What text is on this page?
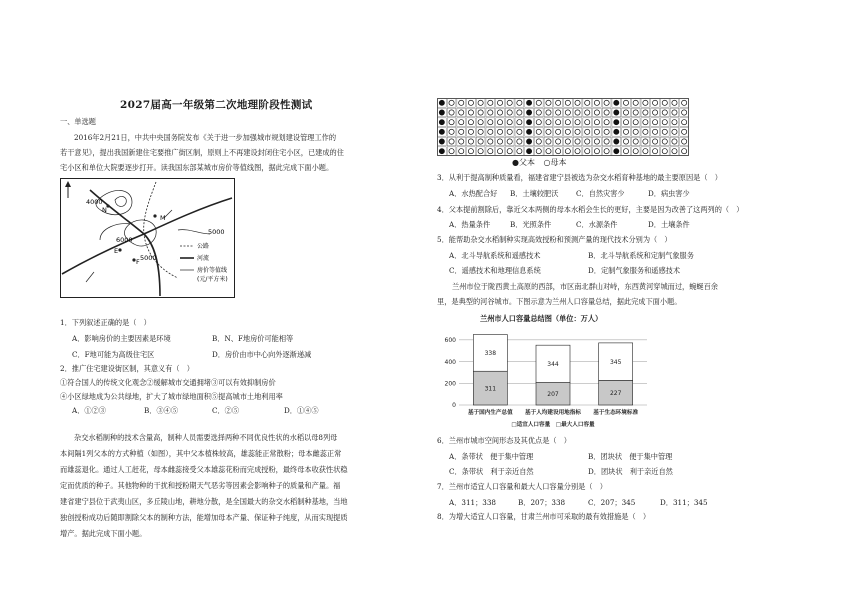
2027届高一年级第二次地理阶段性测试
一、单选题
2016年2月21日，中共中央国务院发布《关于进一步加强城市规划建设管理工作的
若干意见》，提出我国新建住宅要推广街区制，原则上不再建设封闭住宅小区，已建成的住
宅小区和单位大院要逐步打开。读我国东部某城市房价等值线图，据此完成下面小题。
4000
N
6000
M
E
F
5000
5000
公路
河流
房价等值线
(元/平方米)
1．下列叙述正确的是（　）
A．影响房价的主要因素是环境	B．N、F地房价可能相等
C．F地可能为高级住宅区	D．房价由市中心向外逐渐递减
2．推广住宅建设街区制，其意义有（　）
①符合国人的传统文化观念②缓解城市交通拥堵③可以有效抑制房价
④小区绿地成为公共绿地，扩大了城市绿地面积⑤提高城市土地利用率
A．①②③	B．③④⑤	C．②⑤	D．①④⑤
杂交水稻制种的技术含量高，制种人员需要选择两种不同优良性状的水稻以母8列母
本间隔1列父本的方式种植（如图），其中父本植株较高，雄蕊能正常散粉；母本雌蕊正常
而雄蕊退化。通过人工赶花，母本雌蕊接受父本雄蕊花粉而完成授粉，最终母本收获性状稳
定而优质的种子。其他物种的干扰和授粉期天气恶劣等因素会影响种子的质量和产量。福
建省建宁县位于武夷山区，多丘陵山地，耕地分散，是全国最大的杂交水稻制种基地，当地
独创授粉成功后随即割除父本的制种方法，能增加母本产量、保证种子纯度，从而实现提质
增产。据此完成下面小题。
●父本 ○母本
3．从利于提高制种质量看，福建省建宁县被选为杂交水稻育种基地的最主要原因是（　）
A．水热配合好 B．土壤较肥沃 C．自然灾害少	D．病虫害少
4．父本提前割除后，靠近父本两侧的母本水稻会生长的更好，主要是因为改善了这两列的（　）
A．热量条件	B．光照条件	C．水源条件	D．土壤条件
5．能帮助杂交水稻制种实现高效授粉和预测产量的现代技术分别为（　）
A．北斗导航系统和遥感技术	B．北斗导航系统和定制气象服务
C．遥感技术和地理信息系统	D．定制气象服务和遥感技术
兰州市位于陇西黄土高原的西部，市区南北群山对峙，东西黄河穿城而过，蜿蜒百余
里，是典型的河谷城市。下图示意为兰州人口容量总结，据此完成下面小题。
兰州市人口容量总结图（单位：万人）
0
200
400
600
311
338
基于国内生产总值
207
344
基于人均建设用地指标
227
345
基于生态环境标准
□适宜人口容量　□最大人口容量
6．兰州市城市空间形态及其优点是（　）
A．条带状　便于集中管理	B．团块状　便于集中管理
C．条带状　利于亲近自然	D．团块状　利于亲近自然
7．兰州市适宜人口容量和最大人口容量分别是（　）
A．311；338	B．207；338	C．207；345	D．311；345
8．为增大适宜人口容量，甘肃兰州市可采取的最有效措施是（　）
